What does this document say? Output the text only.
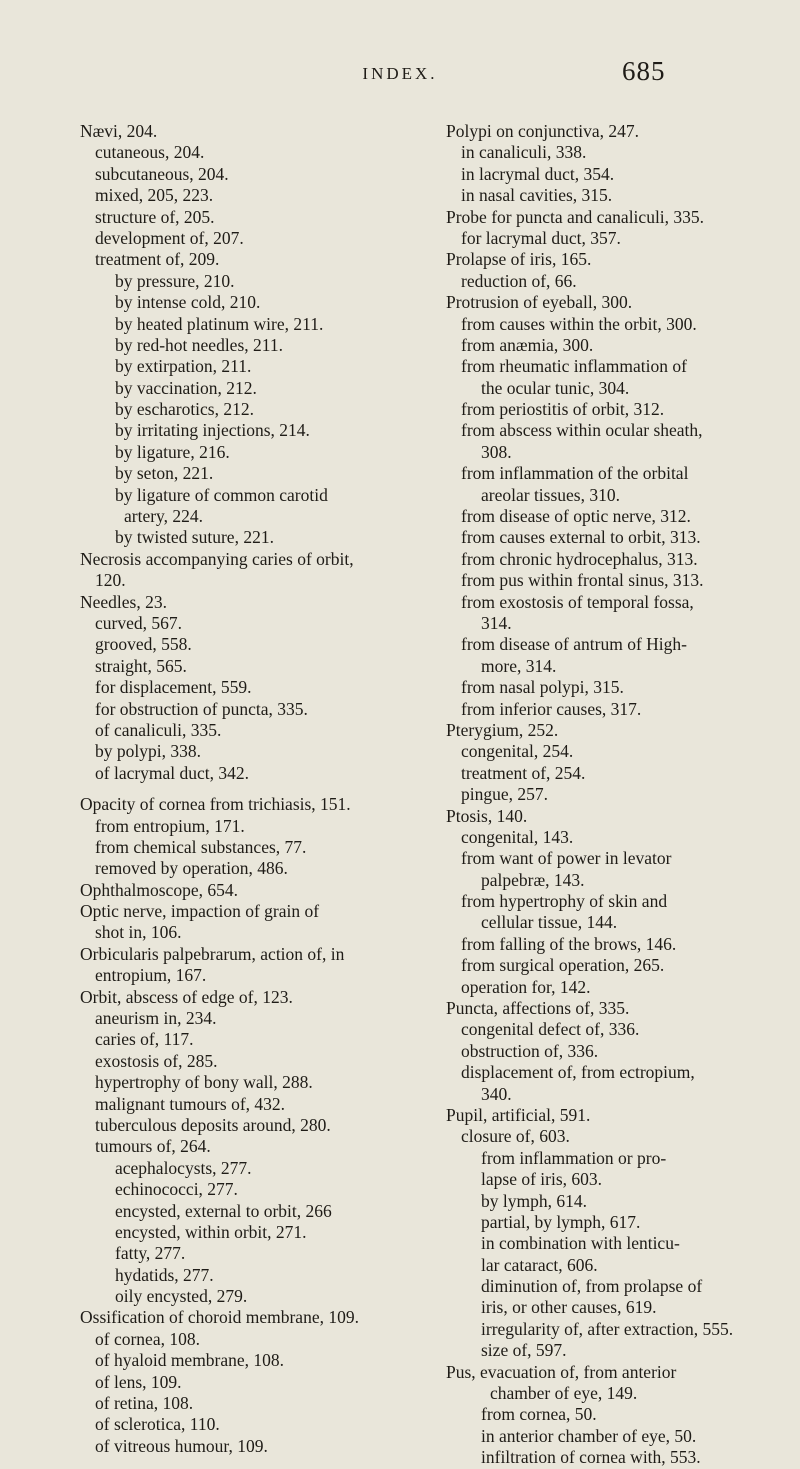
INDEX.	685
Nævi, 204.
cutaneous, 204.
subcutaneous, 204.
mixed, 205, 223.
structure of, 205.
development of, 207.
treatment of, 209.
by pressure, 210.
by intense cold, 210.
by heated platinum wire, 211.
by red-hot needles, 211.
by extirpation, 211.
by vaccination, 212.
by escharotics, 212.
by irritating injections, 214.
by ligature, 216.
by seton, 221.
by ligature of common carotid
artery, 224.
by twisted suture, 221.
Necrosis accompanying caries of orbit,
120.
Needles, 23.
curved, 567.
grooved, 558.
straight, 565.
for displacement, 559.
for obstruction of puncta, 335.
of canaliculi, 335.
by polypi, 338.
of lacrymal duct, 342.
Opacity of cornea from trichiasis, 151.
from entropium, 171.
from chemical substances, 77.
removed by operation, 486.
Ophthalmoscope, 654.
Optic nerve, impaction of grain of
shot in, 106.
Orbicularis palpebrarum, action of, in
entropium, 167.
Orbit, abscess of edge of, 123.
aneurism in, 234.
caries of, 117.
exostosis of, 285.
hypertrophy of bony wall, 288.
malignant tumours of, 432.
tuberculous deposits around, 280.
tumours of, 264.
acephalocysts, 277.
echinococci, 277.
encysted, external to orbit, 266
encysted, within orbit, 271.
fatty, 277.
hydatids, 277.
oily encysted, 279.
Ossification of choroid membrane, 109.
of cornea, 108.
of hyaloid membrane, 108.
of lens, 109.
of retina, 108.
of sclerotica, 110.
of vitreous humour, 109.
Polypi on conjunctiva, 247.
in canaliculi, 338.
in lacrymal duct, 354.
in nasal cavities, 315.
Probe for puncta and canaliculi, 335.
for lacrymal duct, 357.
Prolapse of iris, 165.
reduction of, 66.
Protrusion of eyeball, 300.
from causes within the orbit, 300.
from anæmia, 300.
from rheumatic inflammation of
the ocular tunic, 304.
from periostitis of orbit, 312.
from abscess within ocular sheath,
308.
from inflammation of the orbital
areolar tissues, 310.
from disease of optic nerve, 312.
from causes external to orbit, 313.
from chronic hydrocephalus, 313.
from pus within frontal sinus, 313.
from exostosis of temporal fossa,
314.
from disease of antrum of High-
more, 314.
from nasal polypi, 315.
from inferior causes, 317.
Pterygium, 252.
congenital, 254.
treatment of, 254.
pingue, 257.
Ptosis, 140.
congenital, 143.
from want of power in levator
palpebræ, 143.
from hypertrophy of skin and
cellular tissue, 144.
from falling of the brows, 146.
from surgical operation, 265.
operation for, 142.
Puncta, affections of, 335.
congenital defect of, 336.
obstruction of, 336.
displacement of, from ectropium,
340.
Pupil, artificial, 591.
closure of, 603.
from inflammation or pro-
lapse of iris, 603.
by lymph, 614.
partial, by lymph, 617.
in combination with lenticu-
lar cataract, 606.
diminution of, from prolapse of
iris, or other causes, 619.
irregularity of, after extraction, 555.
size of, 597.
Pus, evacuation of, from anterior
chamber of eye, 149.
from cornea, 50.
in anterior chamber of eye, 50.
infiltration of cornea with, 553.
